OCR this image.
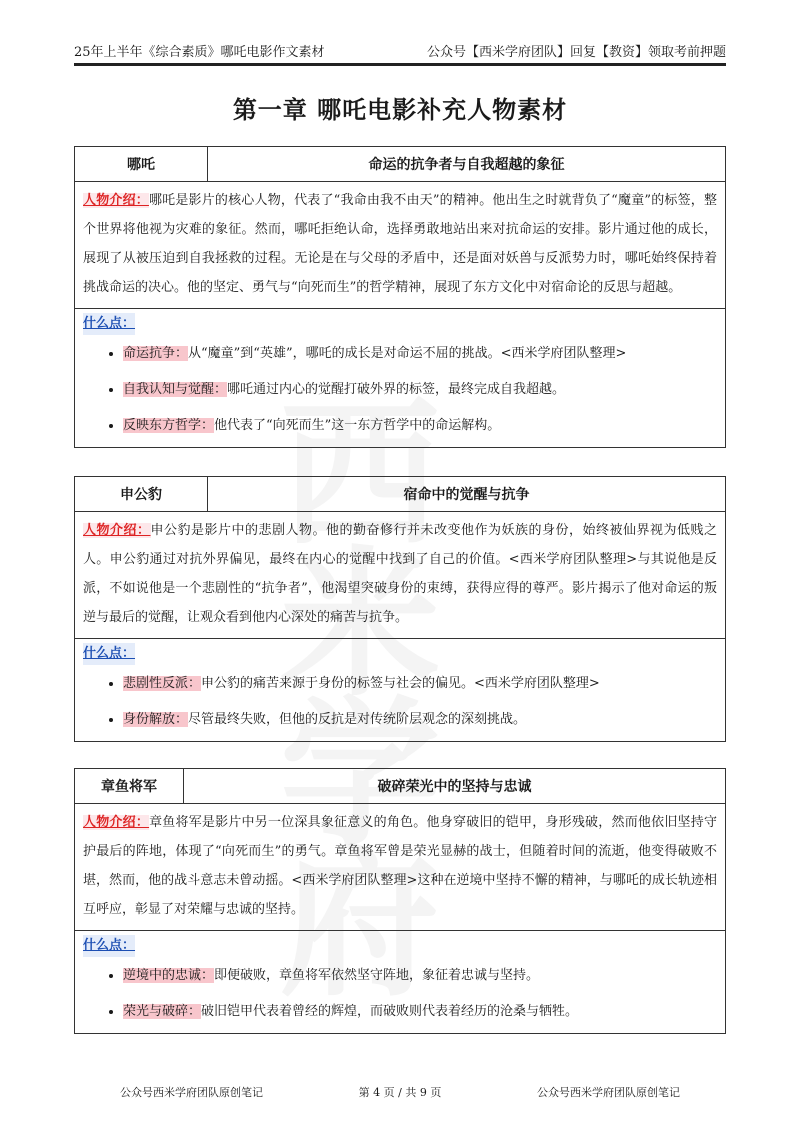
25年上半年《综合素质》哪吒电影作文素材	公众号【西米学府团队】回复【教资】领取考前押题

第一章 哪吒电影补充人物素材
哪吒	命运的抗争者与自我超越的象征
人物介绍：哪吒是影片的核心人物，代表了“我命由我不由天”的精神。他出生之时就背负了“魔童”的标签，整个世界将他视为灾难的象征。然而，哪吒拒绝认命，选择勇敢地站出来对抗命运的安排。影片通过他的成长，展现了从被压迫到自我拯救的过程。无论是在与父母的矛盾中，还是面对妖兽与反派势力时，哪吒始终保持着挑战命运的决心。他的坚定、勇气与“向死而生”的哲学精神，展现了东方文化中对宿命论的反思与超越。
什么点：
• 命运抗争：从“魔童”到“英雄”，哪吒的成长是对命运不屈的挑战。<西米学府团队整理>
• 自我认知与觉醒：哪吒通过内心的觉醒打破外界的标签，最终完成自我超越。
• 反映东方哲学：他代表了“向死而生”这一东方哲学中的命运解构。
申公豹	宿命中的觉醒与抗争
人物介绍：申公豹是影片中的悲剧人物。他的勤奋修行并未改变他作为妖族的身份，始终被仙界视为低贱之人。申公豹通过对抗外界偏见，最终在内心的觉醒中找到了自己的价值。<西米学府团队整理>与其说他是反派，不如说他是一个悲剧性的“抗争者”，他渴望突破身份的束缚，获得应得的尊严。影片揭示了他对命运的叛逆与最后的觉醒，让观众看到他内心深处的痛苦与抗争。
什么点：
• 悲剧性反派：申公豹的痛苦来源于身份的标签与社会的偏见。<西米学府团队整理>
• 身份解放：尽管最终失败，但他的反抗是对传统阶层观念的深刻挑战。
章鱼将军	破碎荣光中的坚持与忠诚
人物介绍：章鱼将军是影片中另一位深具象征意义的角色。他身穿破旧的铠甲，身形残破，然而他依旧坚持守护最后的阵地，体现了“向死而生”的勇气。章鱼将军曾是荣光显赫的战士，但随着时间的流逝，他变得破败不堪，然而，他的战斗意志未曾动摇。<西米学府团队整理>这种在逆境中坚持不懈的精神，与哪吒的成长轨迹相互呼应，彰显了对荣耀与忠诚的坚持。
什么点：
• 逆境中的忠诚：即便破败，章鱼将军依然坚守阵地，象征着忠诚与坚持。
• 荣光与破碎：破旧铠甲代表着曾经的辉煌，而破败则代表着经历的沧桑与牺牲。
公众号西米学府团队原创笔记	第 4 页 / 共 9 页	公众号西米学府团队原创笔记
